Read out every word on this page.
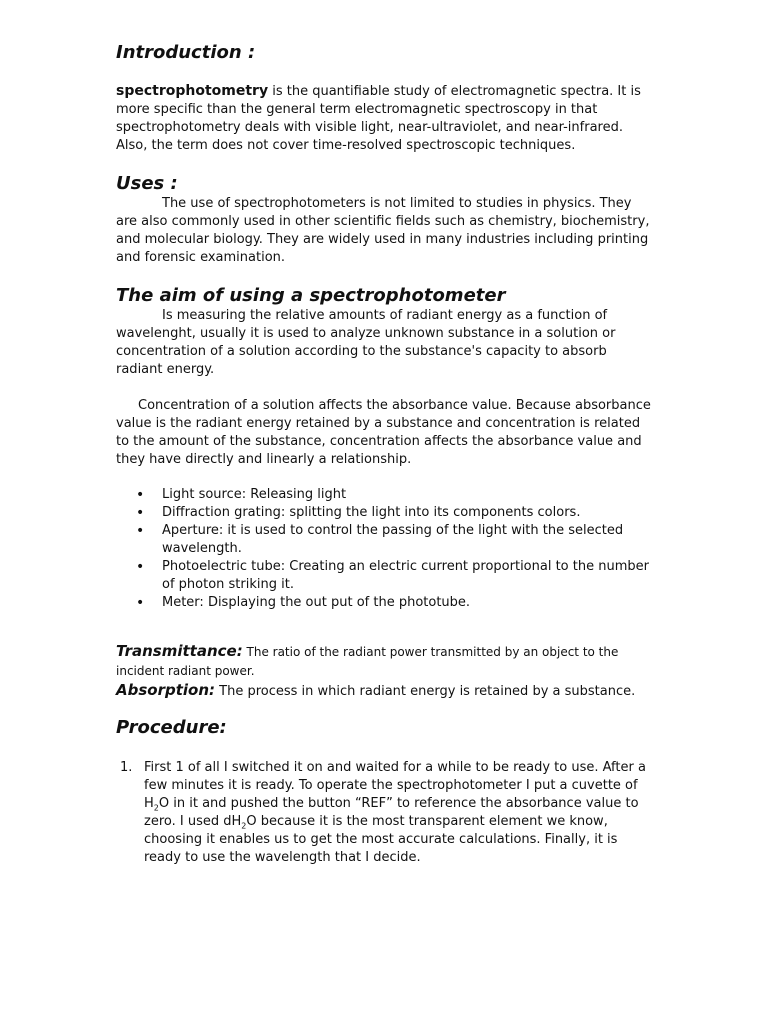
Introduction :

spectrophotometry is the quantifiable study of electromagnetic spectra. It is more specific than the general term electromagnetic spectroscopy in that spectrophotometry deals with visible light, near-ultraviolet, and near-infrared. Also, the term does not cover time-resolved spectroscopic techniques.

Uses :

The use of spectrophotometers is not limited to studies in physics. They are also commonly used in other scientific fields such as chemistry, biochemistry, and molecular biology. They are widely used in many industries including printing and forensic examination.

The aim of using a spectrophotometer

Is measuring the relative amounts of radiant energy as a function of wavelenght, usually it is used to analyze unknown substance in a solution or concentration of a solution according to the substance's capacity to absorb radiant energy.

Concentration of a solution affects the absorbance value. Because absorbance value is the radiant energy retained by a substance and concentration is related to the amount of the substance, concentration affects the absorbance value and they have directly and linearly a relationship.

• Light source: Releasing light
• Diffraction grating: splitting the light into its components colors.
• Aperture: it is used to control the passing of the light with the selected wavelength.
• Photoelectric tube: Creating an electric current proportional to the number of photon striking it.
• Meter: Displaying the out put of the phototube.

Transmittance: The ratio of the radiant power transmitted by an object to the incident radiant power.

Absorption: The process in which radiant energy is retained by a substance.

Procedure:
1. First 1 of all I switched it on and waited for a while to be ready to use. After a few minutes it is ready. To operate the spectrophotometer I put a cuvette of $H_2O$ in it and pushed the button “REF” to reference the absorbance value to zero. I used $dH_2O$ because it is the most transparent element we know, choosing it enables us to get the most accurate calculations. Finally, it is ready to use the wavelength that I decide.
